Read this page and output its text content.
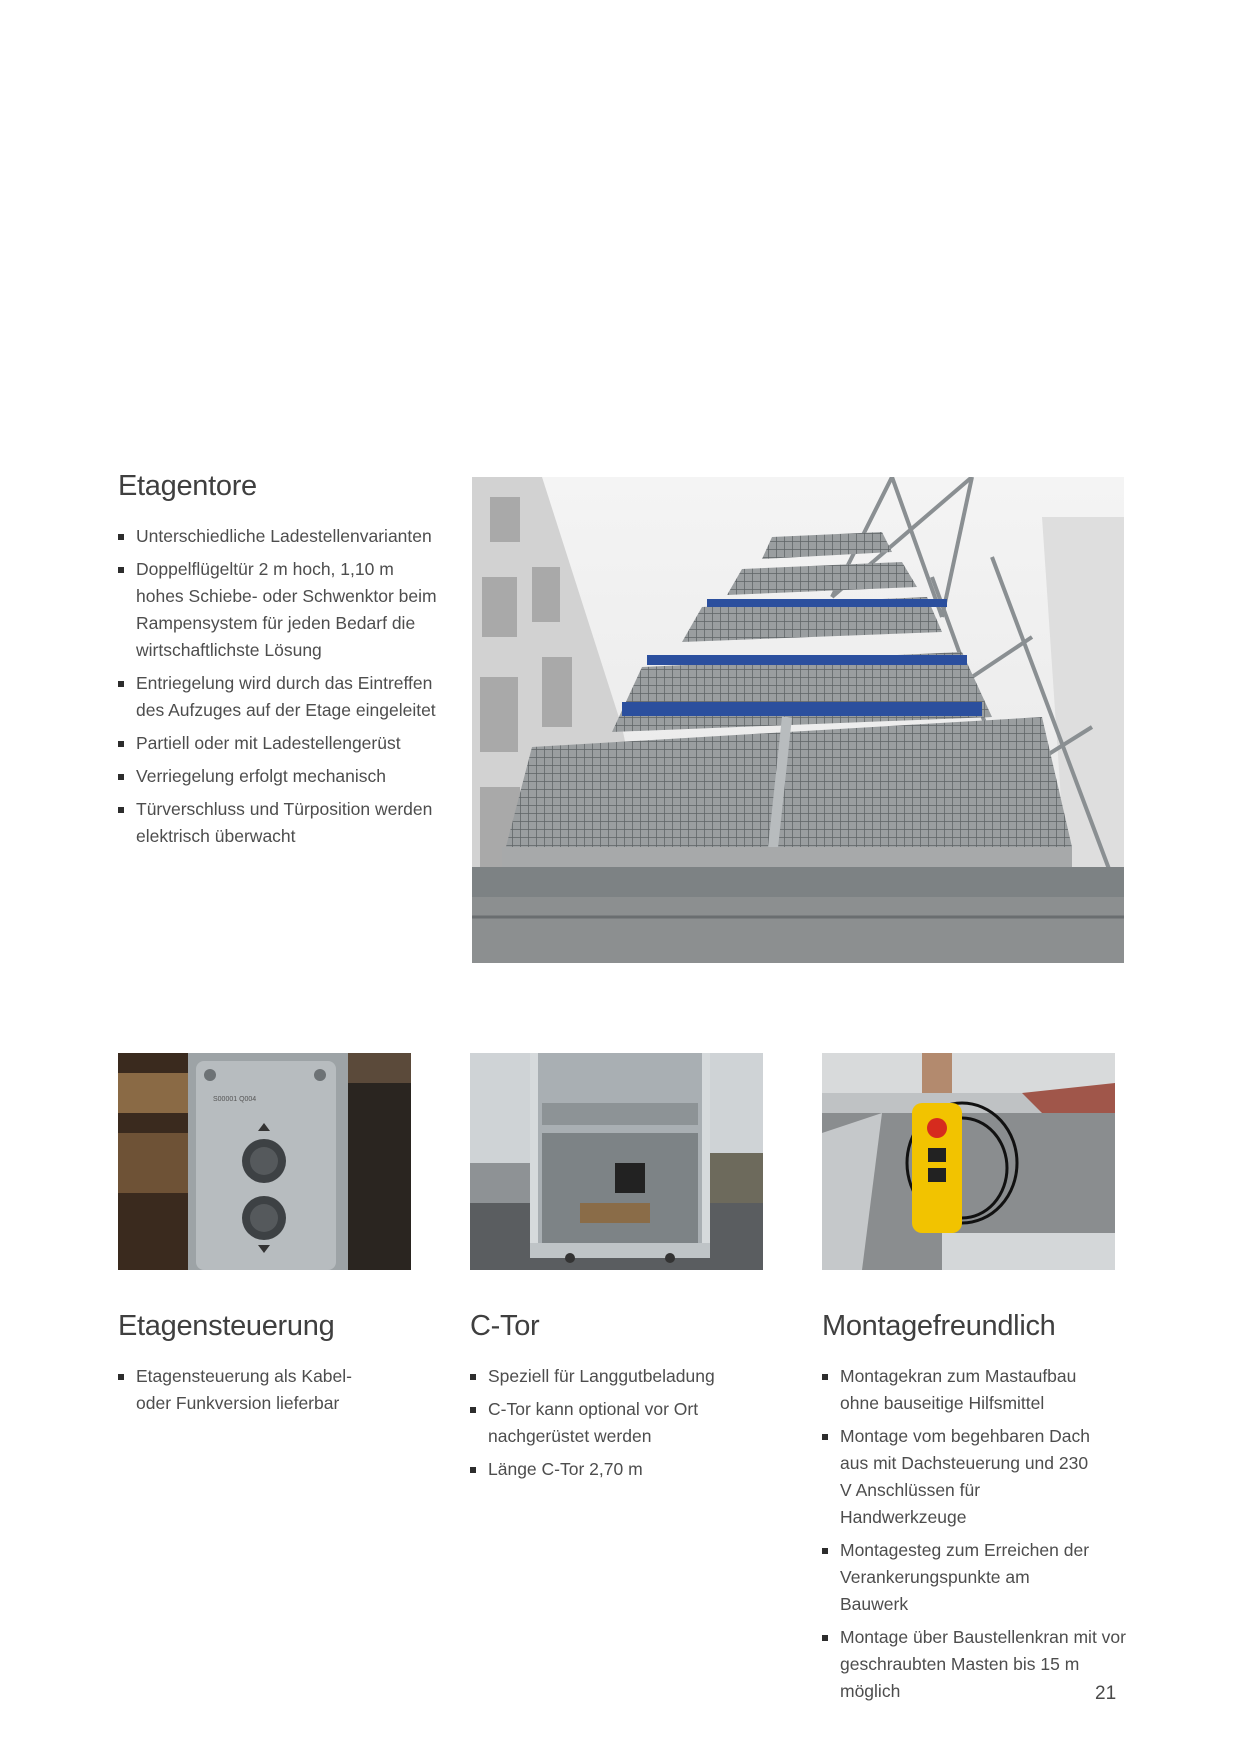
Etagentore
Unterschiedliche Ladestellenvarianten
Doppelflügeltür 2 m hoch, 1,10 m hohes Schiebe- oder Schwenktor beim Rampensystem für jeden Bedarf die wirtschaftlichste Lösung
Entriegelung wird durch das Eintreffen des Aufzuges auf der Etage eingeleitet
Partiell oder mit Ladestellengerüst
Verriegelung erfolgt mechanisch
Türverschluss und Türposition werden elektrisch überwacht
S00001 Q004
Etagensteuerung
Etagensteuerung als Kabel- oder Funkversion lieferbar
C-Tor
Speziell für Langgutbeladung
C-Tor kann optional vor Ort nachgerüstet werden
Länge C-Tor 2,70 m
Montagefreundlich
Montagekran zum Mastaufbau ohne bauseitige Hilfsmittel
Montage vom begehbaren Dach aus mit Dachsteuerung und 230 V Anschlüssen für Handwerkzeuge
Montagesteg zum Erreichen der Verankerungspunkte am Bauwerk
Montage über Baustellenkran mit vor geschraubten Masten bis 15 m möglich	21
